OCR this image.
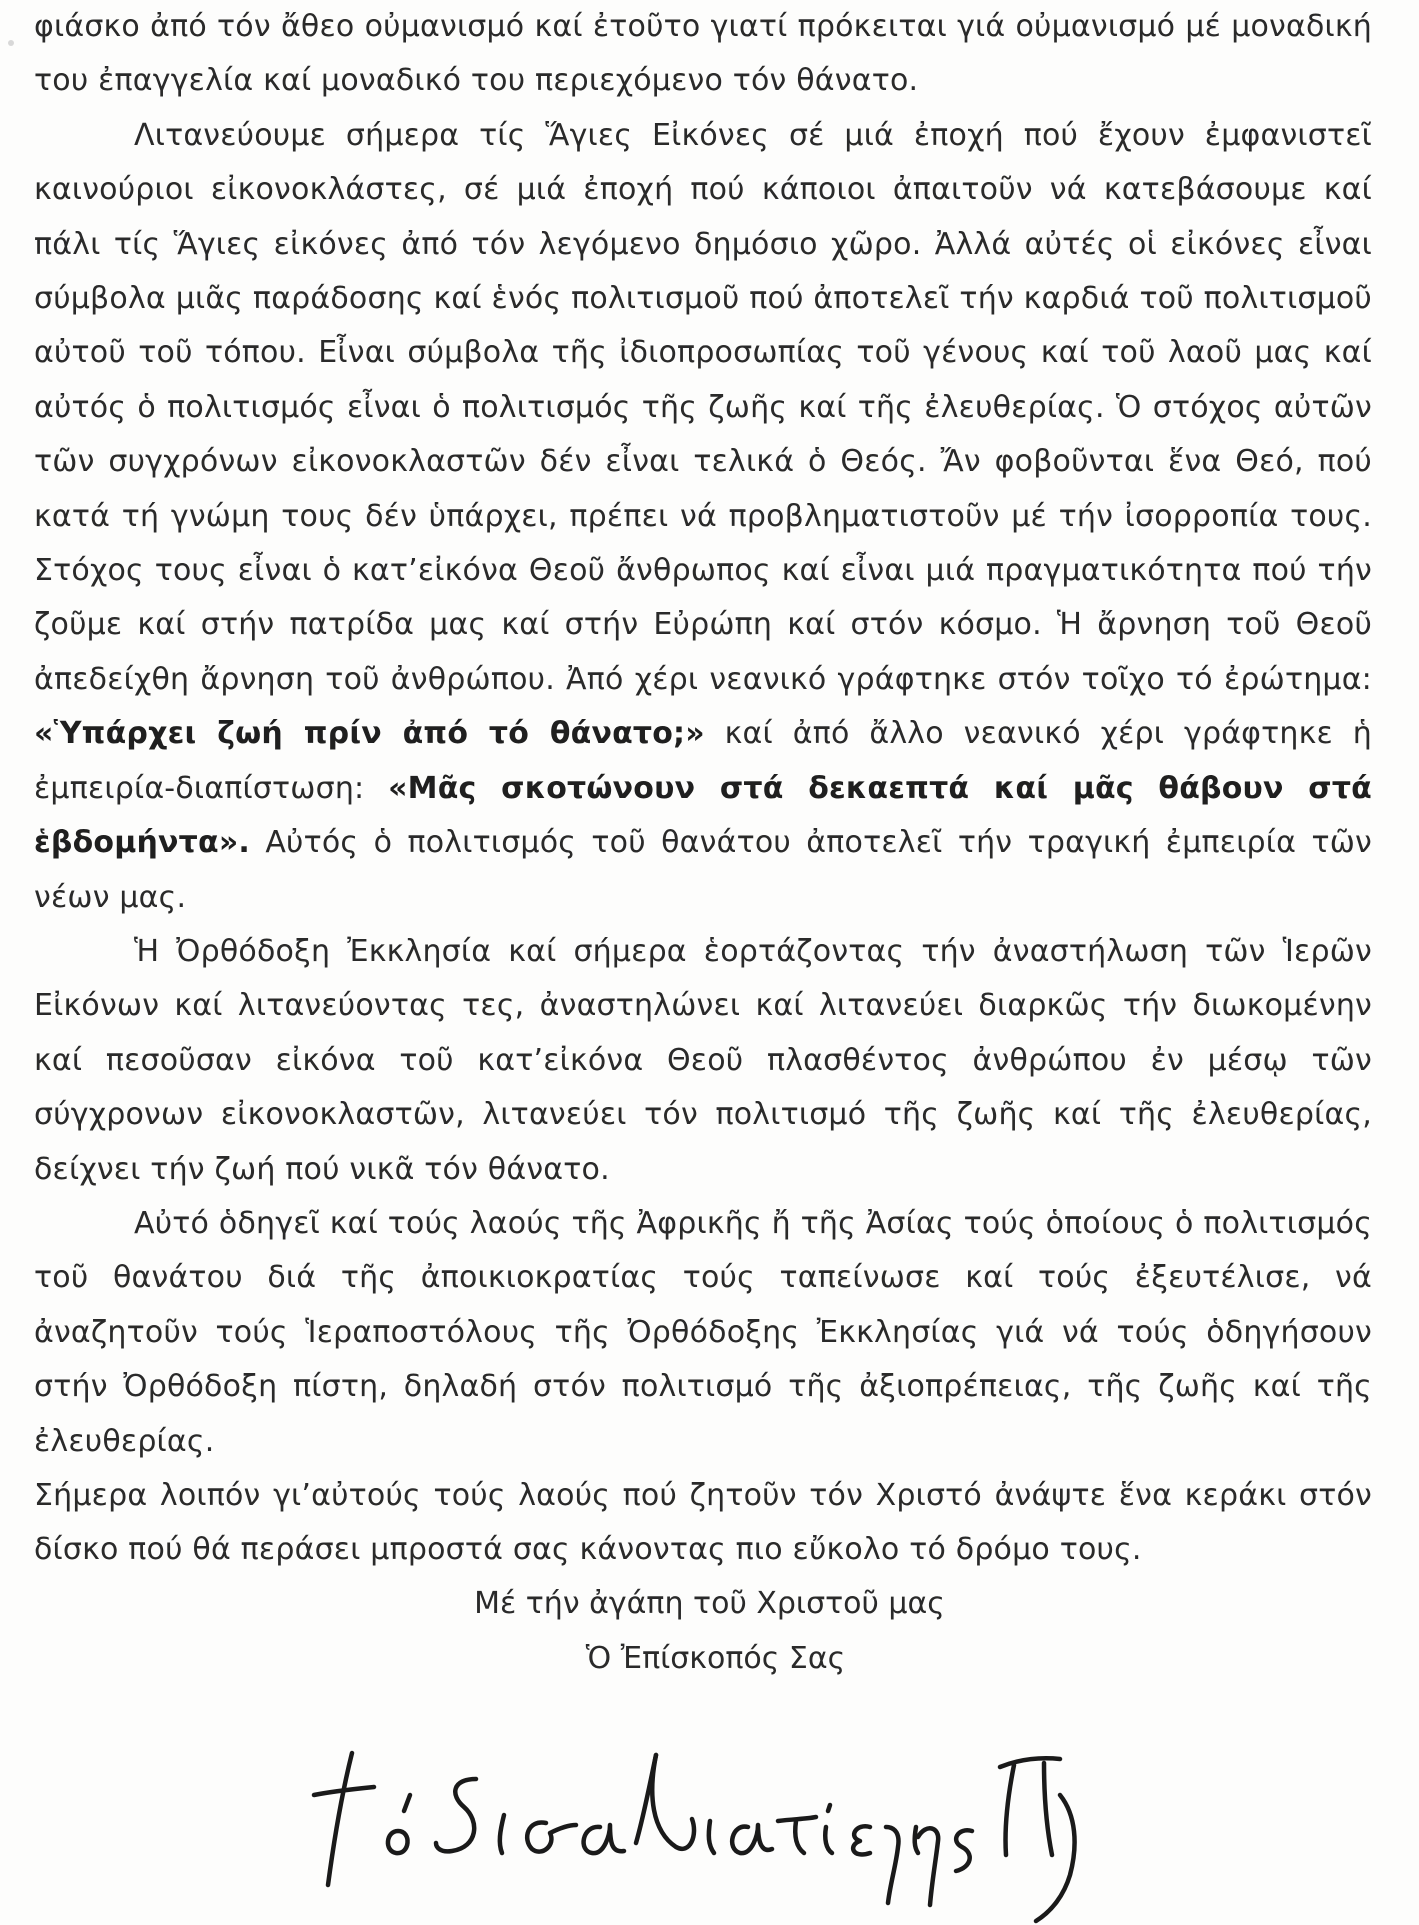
φιάσκο ἀπό τόν ἄθεο οὐμανισμό καί ἐτοῦτο γιατί πρόκειται γιά οὐμανισμό μέ μοναδική του ἐπαγγελία καί μοναδικό του περιεχόμενο τόν θάνατο.

Λιτανεύουμε σήμερα τίς Ἅγιες Εἰκόνες σέ μιά ἐποχή πού ἔχουν ἐμφανιστεῖ καινούριοι εἰκονοκλάστες, σέ μιά ἐποχή πού κάποιοι ἀπαιτοῦν νά κατεβάσουμε καί πάλι τίς Ἅγιες εἰκόνες ἀπό τόν λεγόμενο δημόσιο χῶρο. Ἀλλά αὐτές οἱ εἰκόνες εἶναι σύμβολα μιᾶς παράδοσης καί ἑνός πολιτισμοῦ πού ἀποτελεῖ τήν καρδιά τοῦ πολιτισμοῦ αὐτοῦ τοῦ τόπου. Εἶναι σύμβολα τῆς ἰδιοπροσωπίας τοῦ γένους καί τοῦ λαοῦ μας καί αὐτός ὁ πολιτισμός εἶναι ὁ πολιτισμός τῆς ζωῆς καί τῆς ἐλευθερίας. Ὁ στόχος αὐτῶν τῶν συγχρόνων εἰκονοκλαστῶν δέν εἶναι τελικά ὁ Θεός. Ἄν φοβοῦνται ἕνα Θεό, πού κατά τή γνώμη τους δέν ὑπάρχει, πρέπει νά προβληματιστοῦν μέ τήν ἰσορροπία τους. Στόχος τους εἶναι ὁ κατ’εἰκόνα Θεοῦ ἄνθρωπος καί εἶναι μιά πραγματικότητα πού τήν ζοῦμε καί στήν πατρίδα μας καί στήν Εὐρώπη καί στόν κόσμο. Ἡ ἄρνηση τοῦ Θεοῦ ἀπεδείχθη ἄρνηση τοῦ ἀνθρώπου. Ἀπό χέρι νεανικό γράφτηκε στόν τοῖχο τό ἐρώτημα: «Ὑπάρχει ζωή πρίν ἀπό τό θάνατο;» καί ἀπό ἄλλο νεανικό χέρι γράφτηκε ἡ ἐμπειρία-διαπίστωση: «Μᾶς σκοτώνουν στά δεκαεπτά καί μᾶς θάβουν στά ἑβδομήντα». Αὐτός ὁ πολιτισμός τοῦ θανάτου ἀποτελεῖ τήν τραγική ἐμπειρία τῶν νέων μας.

Ἡ Ὀρθόδοξη Ἐκκλησία καί σήμερα ἑορτάζοντας τήν ἀναστήλωση τῶν Ἱερῶν Εἰκόνων καί λιτανεύοντας τες, ἀναστηλώνει καί λιτανεύει διαρκῶς τήν διωκομένην καί πεσοῦσαν εἰκόνα τοῦ κατ’εἰκόνα Θεοῦ πλασθέντος ἀνθρώπου ἐν μέσῳ τῶν σύγχρονων εἰκονοκλαστῶν, λιτανεύει τόν πολιτισμό τῆς ζωῆς καί τῆς ἐλευθερίας, δείχνει τήν ζωή πού νικᾶ τόν θάνατο.

Αὐτό ὁδηγεῖ καί τούς λαούς τῆς Ἀφρικῆς ἤ τῆς Ἀσίας τούς ὁποίους ὁ πολιτισμός τοῦ θανάτου διά τῆς ἀποικιοκρατίας τούς ταπείνωσε καί τούς ἐξευτέλισε, νά ἀναζητοῦν τούς Ἱεραποστόλους τῆς Ὀρθόδοξης Ἐκκλησίας γιά νά τούς ὁδηγήσουν στήν Ὀρθόδοξη πίστη, δηλαδή στόν πολιτισμό τῆς ἀξιοπρέπειας, τῆς ζωῆς καί τῆς ἐλευθερίας.

Σήμερα λοιπόν γι’αὐτούς τούς λαούς πού ζητοῦν τόν Χριστό ἀνάψτε ἕνα κεράκι στόν δίσκο πού θά περάσει μπροστά σας κάνοντας πιο εὔκολο τό δρόμο τους.

Μέ τήν ἀγάπη τοῦ Χριστοῦ μας
Ὁ Ἐπίσκοπός Σας
